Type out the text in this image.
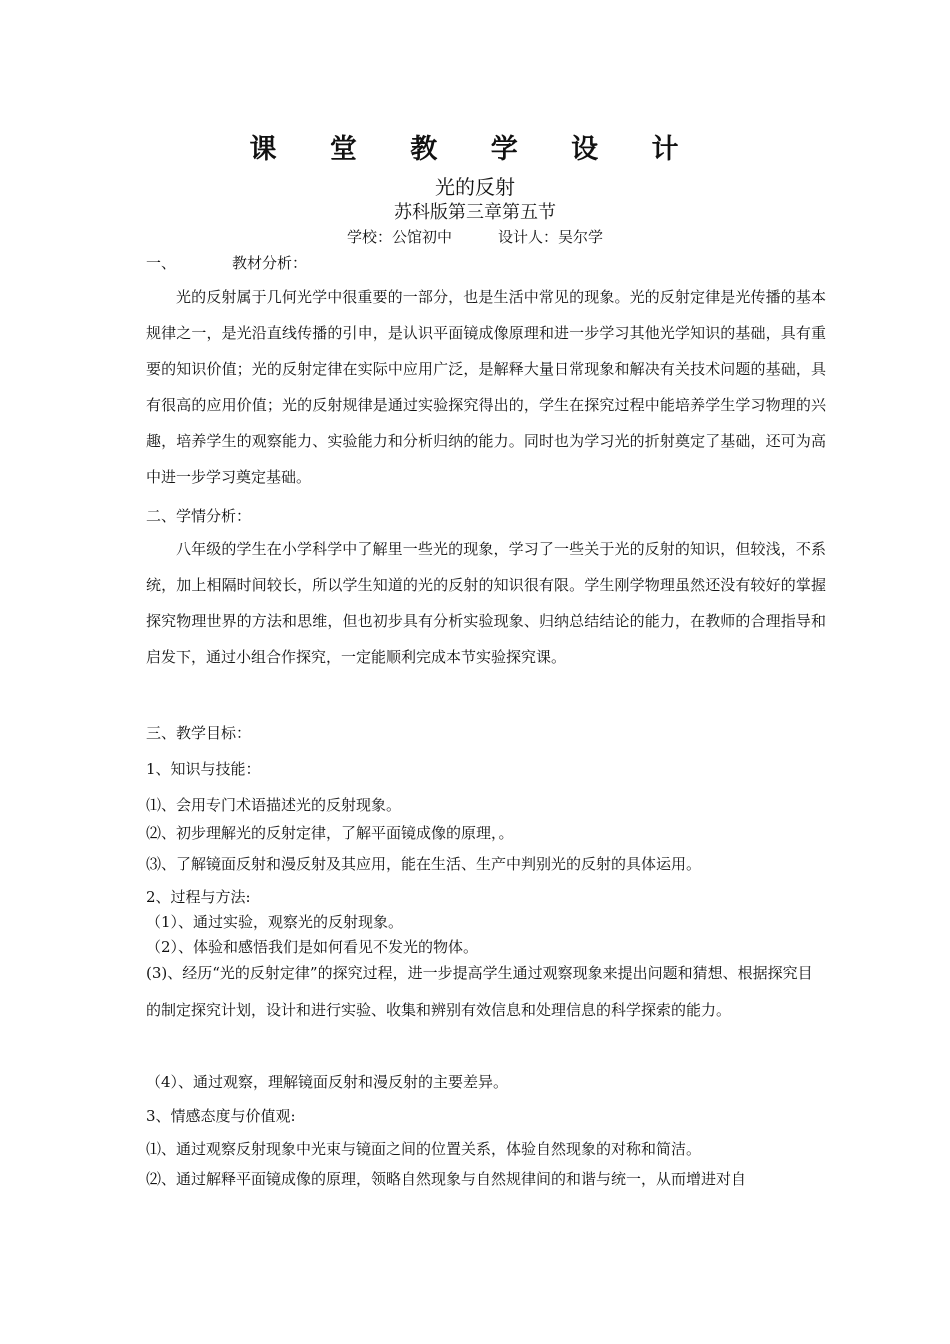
课 堂 教 学 设 计
光的反射
苏科版第三章第五节
学校：公馆初中	设计人：吴尔学
一、	教材分析：
光的反射属于几何光学中很重要的一部分，也是生活中常见的现象。光的反射定律是光传播的基本规律之一，是光沿直线传播的引申，是认识平面镜成像原理和进一步学习其他光学知识的基础，具有重要的知识价值；光的反射定律在实际中应用广泛，是解释大量日常现象和解决有关技术问题的基础，具有很高的应用价值；光的反射规律是通过实验探究得出的，学生在探究过程中能培养学生学习物理的兴趣，培养学生的观察能力、实验能力和分析归纳的能力。同时也为学习光的折射奠定了基础，还可为高中进一步学习奠定基础。
二、学情分析：
八年级的学生在小学科学中了解里一些光的现象，学习了一些关于光的反射的知识，但较浅，不系统，加上相隔时间较长，所以学生知道的光的反射的知识很有限。学生刚学物理虽然还没有较好的掌握探究物理世界的方法和思维，但也初步具有分析实验现象、归纳总结结论的能力，在教师的合理指导和启发下，通过小组合作探究，一定能顺利完成本节实验探究课。
三、教学目标：
1、知识与技能：
⑴、会用专门术语描述光的反射现象。
⑵、初步理解光的反射定律，了解平面镜成像的原理，。
⑶、了解镜面反射和漫反射及其应用，能在生活、生产中判别光的反射的具体运用。
2、过程与方法:
（1）、通过实验，观察光的反射现象。
（2）、体验和感悟我们是如何看见不发光的物体。
(3)、经历“光的反射定律”的探究过程，进一步提高学生通过观察现象来提出问题和猜想、根据探究目的制定探究计划，设计和进行实验、收集和辨别有效信息和处理信息的科学探索的能力。
（4）、通过观察，理解镜面反射和漫反射的主要差异。
3、情感态度与价值观:
⑴、通过观察反射现象中光束与镜面之间的位置关系，体验自然现象的对称和简洁。
⑵、通过解释平面镜成像的原理，领略自然现象与自然规律间的和谐与统一，从而增进对自
